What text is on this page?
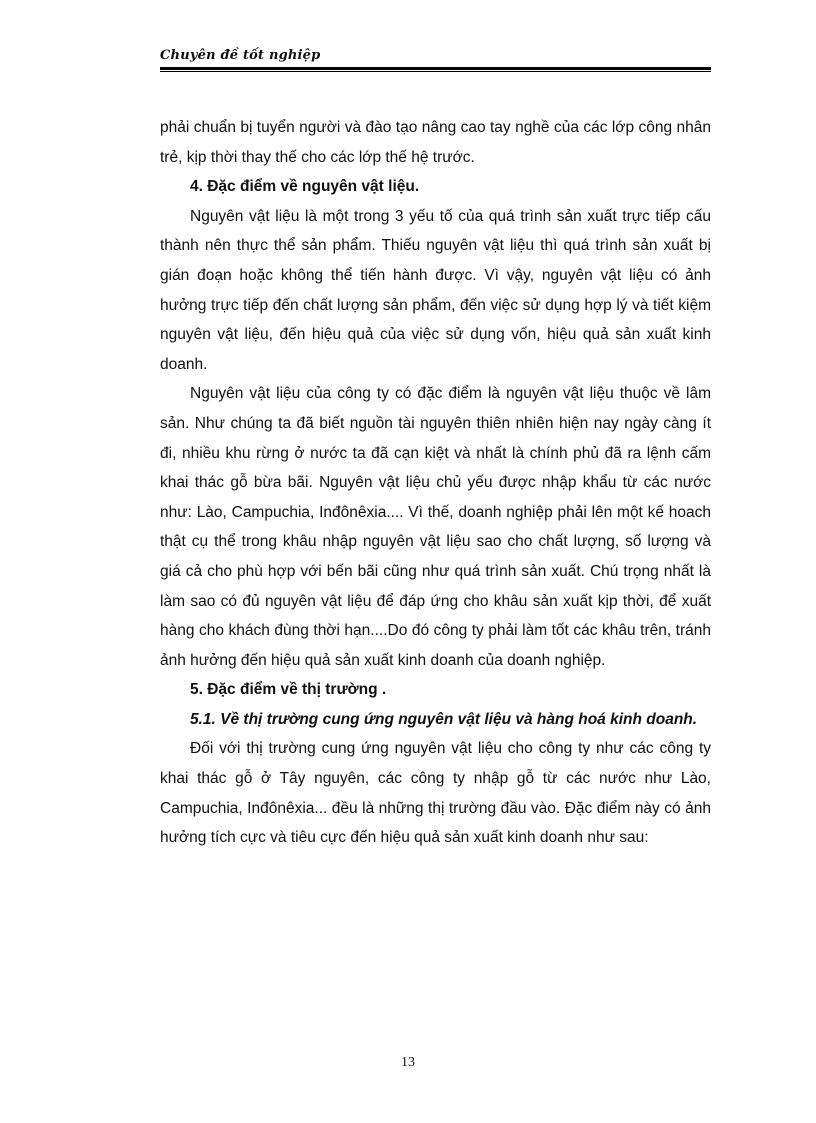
Chuyên đề tốt nghiệp

phải chuẩn bị tuyển người và đào tạo nâng cao tay nghề của các lớp công nhân trẻ, kịp thời thay thế cho các lớp thế hệ trước.

4. Đặc điểm về nguyên vật liệu.

Nguyên vật liệu là một trong 3 yếu tố của quá trình sản xuất trực tiếp cấu thành nên thực thể sản phẩm. Thiếu nguyên vật liệu thì quá trình sản xuất bị gián đoạn hoặc không thể tiến hành được. Vì vậy, nguyên vật liệu có ảnh hưởng trực tiếp đến chất lượng sản phẩm, đến việc sử dụng hợp lý và tiết kiệm nguyên vật liệu, đến hiệu quả của việc sử dụng vốn, hiệu quả sản xuất kinh doanh.

Nguyên vật liệu của công ty có đặc điểm là nguyên vật liệu thuộc về lâm sản. Như chúng ta đã biết nguồn tài nguyên thiên nhiên hiện nay ngày càng ít đi, nhiều khu rừng ở nước ta đã cạn kiệt và nhất là chính phủ đã ra lệnh cấm khai thác gỗ bừa bãi. Nguyên vật liệu chủ yếu được nhập khẩu từ các nước như: Lào, Campuchia, Inđônêxia.... Vì thế, doanh nghiệp phải lên một kế hoach thật cụ thể trong khâu nhập nguyên vật liệu sao cho chất lượng, số lượng và giá cả cho phù hợp với bến bãi cũng như quá trình sản xuất. Chú trọng nhất là làm sao có đủ nguyên vật liệu để đáp ứng cho khâu sản xuất kịp thời, để xuất hàng cho khách đùng thời hạn....Do đó công ty phải làm tốt các khâu trên, tránh ảnh hưởng đến hiệu quả sản xuất kinh doanh của doanh nghiệp.

5. Đặc điểm về thị trường .

5.1. Về thị trường cung ứng nguyên vật liệu và hàng hoá kinh doanh.

Đối với thị trường cung ứng nguyên vật liệu cho công ty như các công ty khai thác gỗ ở Tây nguyên, các công ty nhập gỗ từ các nước như Lào, Campuchia, Inđônêxia... đều là những thị trường đầu vào. Đặc điểm này có ảnh hưởng tích cực và tiêu cực đến hiệu quả sản xuất kinh doanh như sau:

13
